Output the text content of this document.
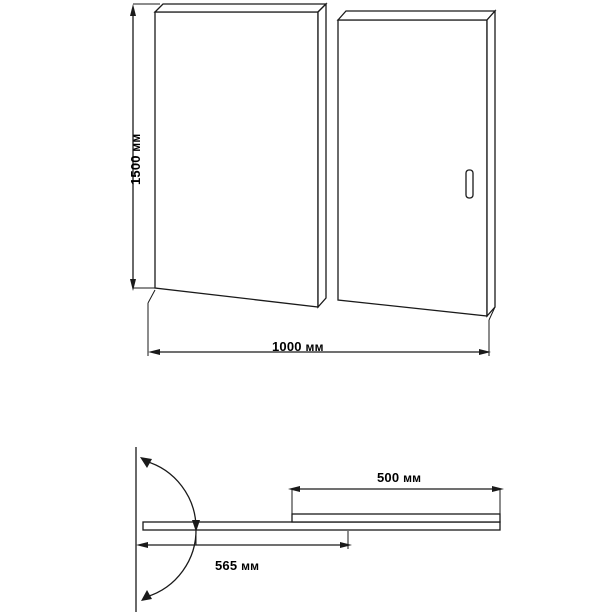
1500 мм
1000 мм
500 мм
565 мм
